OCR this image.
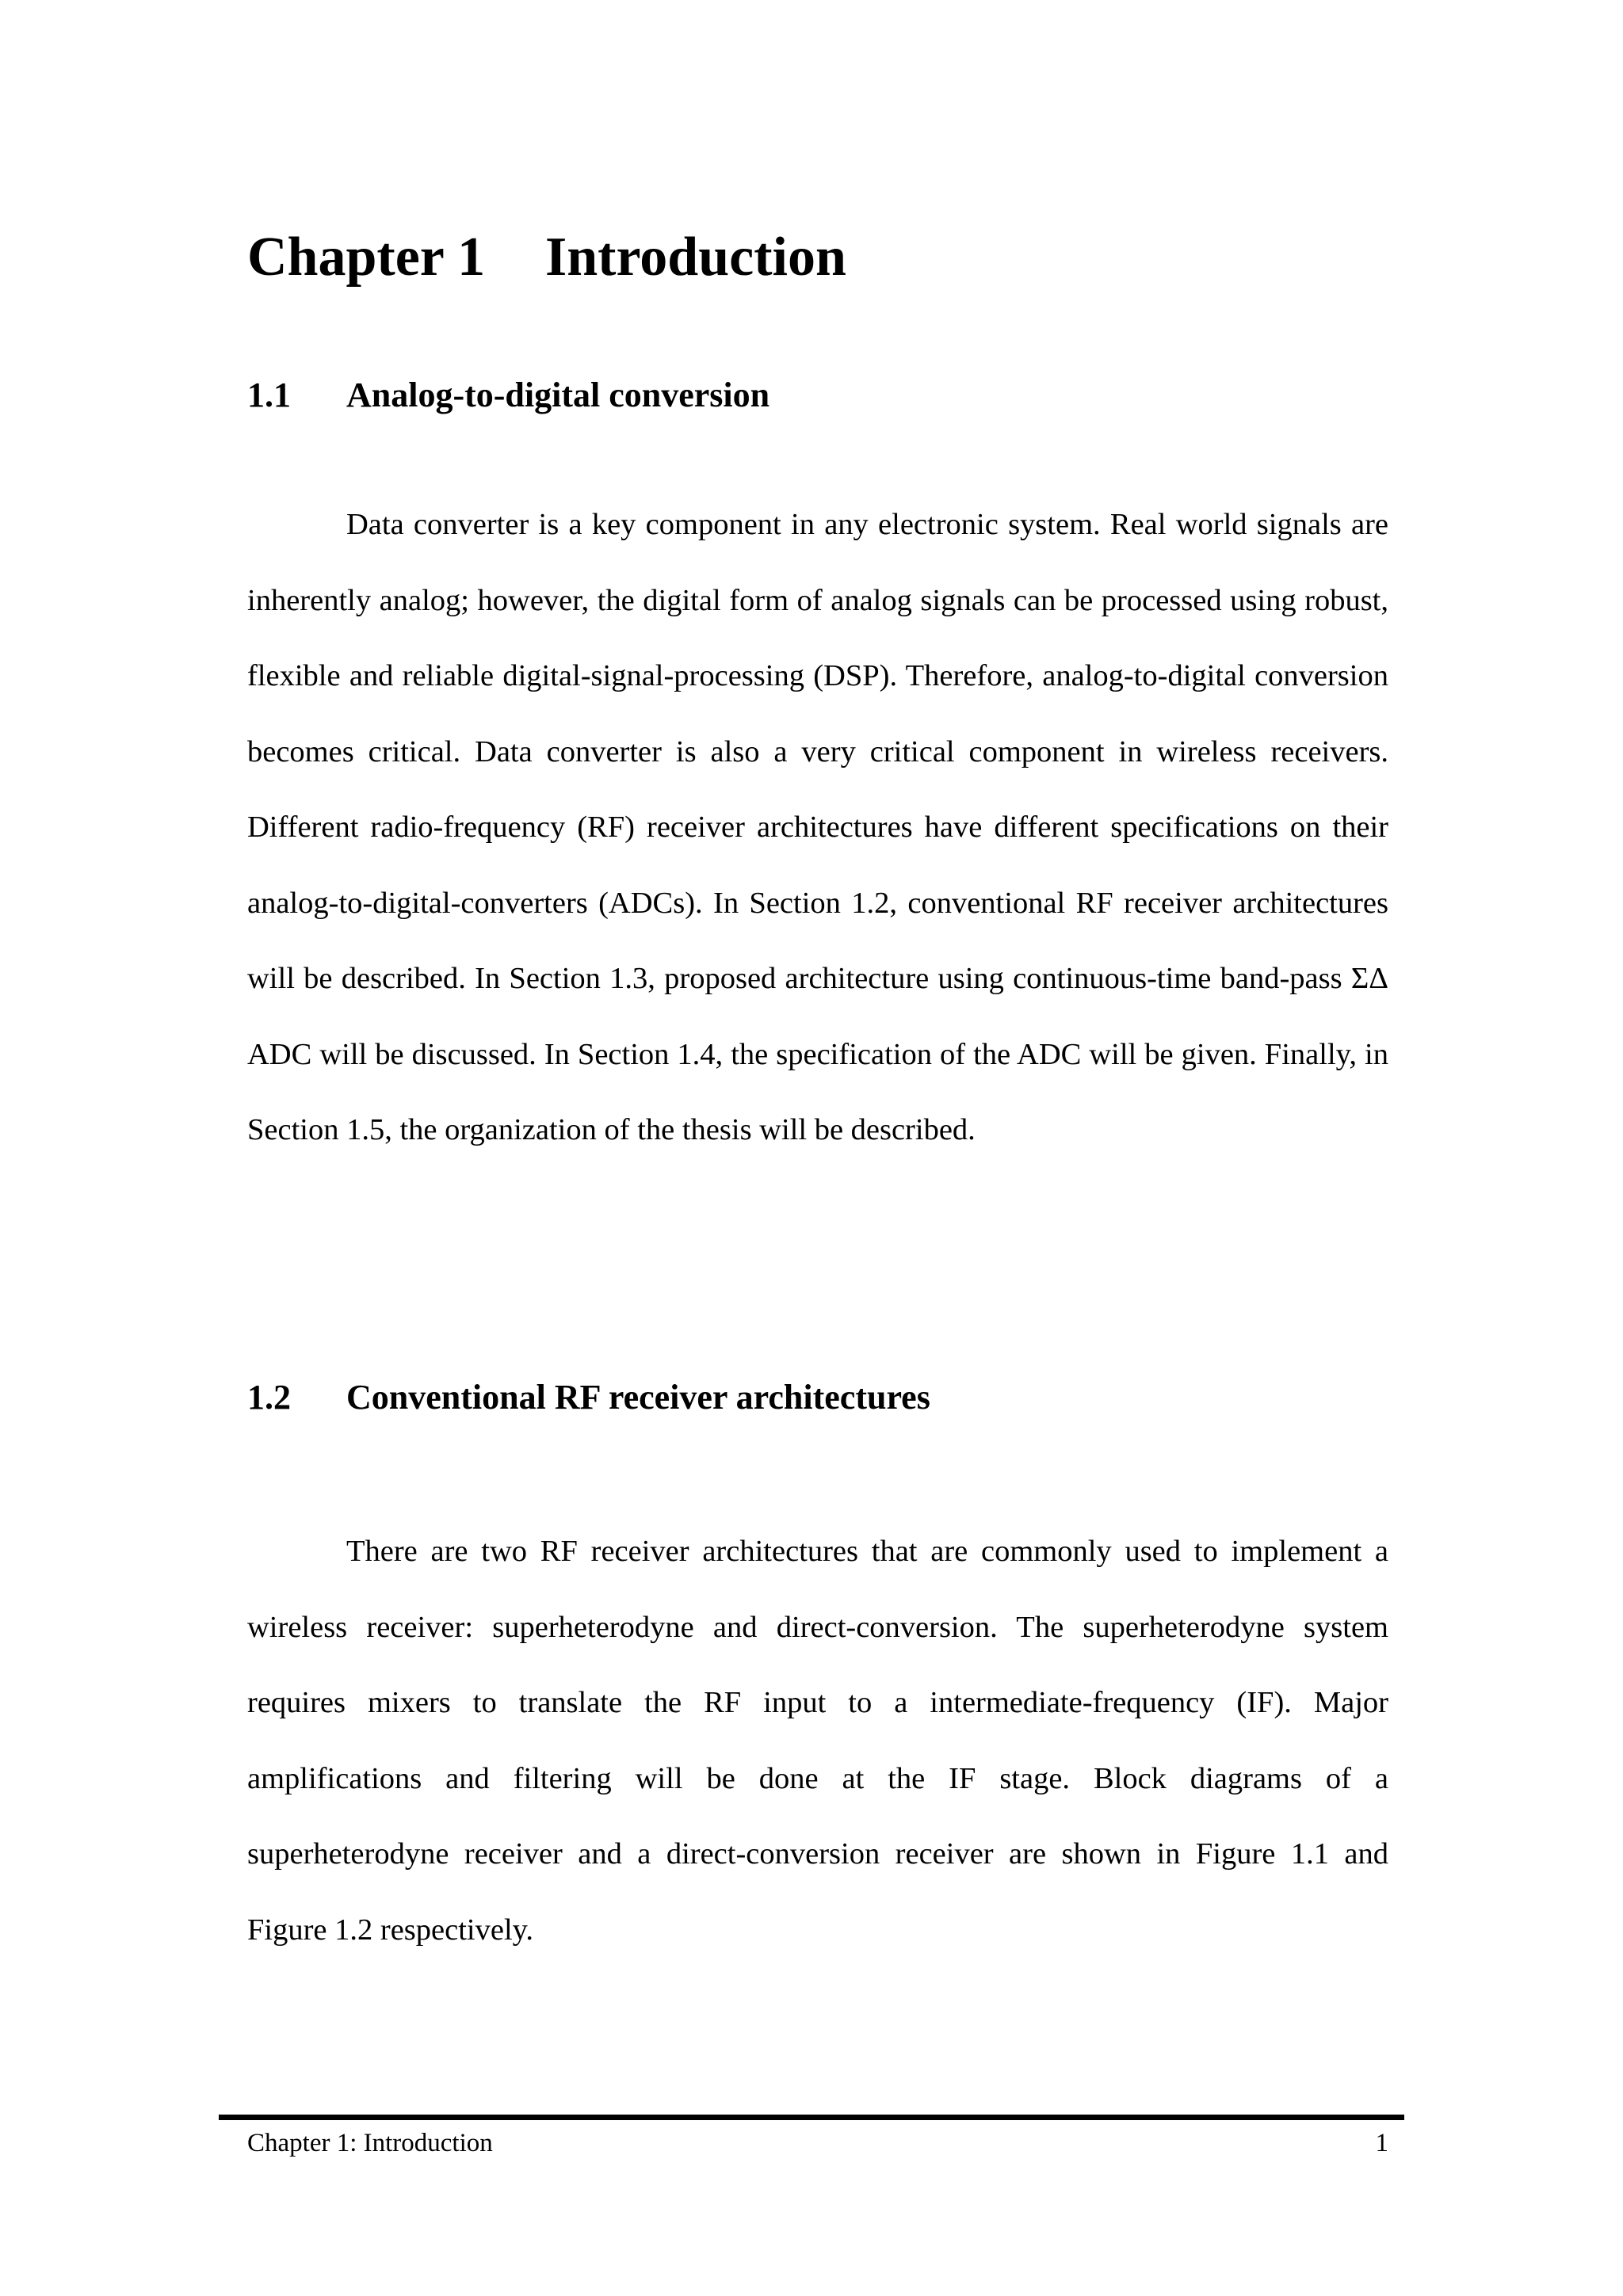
Chapter 1 Introduction
1.1 Analog-to-digital conversion

Data converter is a key component in any electronic system. Real world signals are inherently analog; however, the digital form of analog signals can be processed using robust, flexible and reliable digital-signal-processing (DSP). Therefore, analog-to-digital conversion becomes critical. Data converter is also a very critical component in wireless receivers. Different radio-frequency (RF) receiver architectures have different specifications on their analog-to-digital-converters (ADCs). In Section 1.2, conventional RF receiver architectures will be described. In Section 1.3, proposed architecture using continuous-time band-pass ΣΔ ADC will be discussed. In Section 1.4, the specification of the ADC will be given. Finally, in Section 1.5, the organization of the thesis will be described.

1.2 Conventional RF receiver architectures

There are two RF receiver architectures that are commonly used to implement a wireless receiver: superheterodyne and direct-conversion. The superheterodyne system requires mixers to translate the RF input to a intermediate-frequency (IF). Major amplifications and filtering will be done at the IF stage. Block diagrams of a superheterodyne receiver and a direct-conversion receiver are shown in Figure 1.1 and Figure 1.2 respectively.

Chapter 1: Introduction	1
